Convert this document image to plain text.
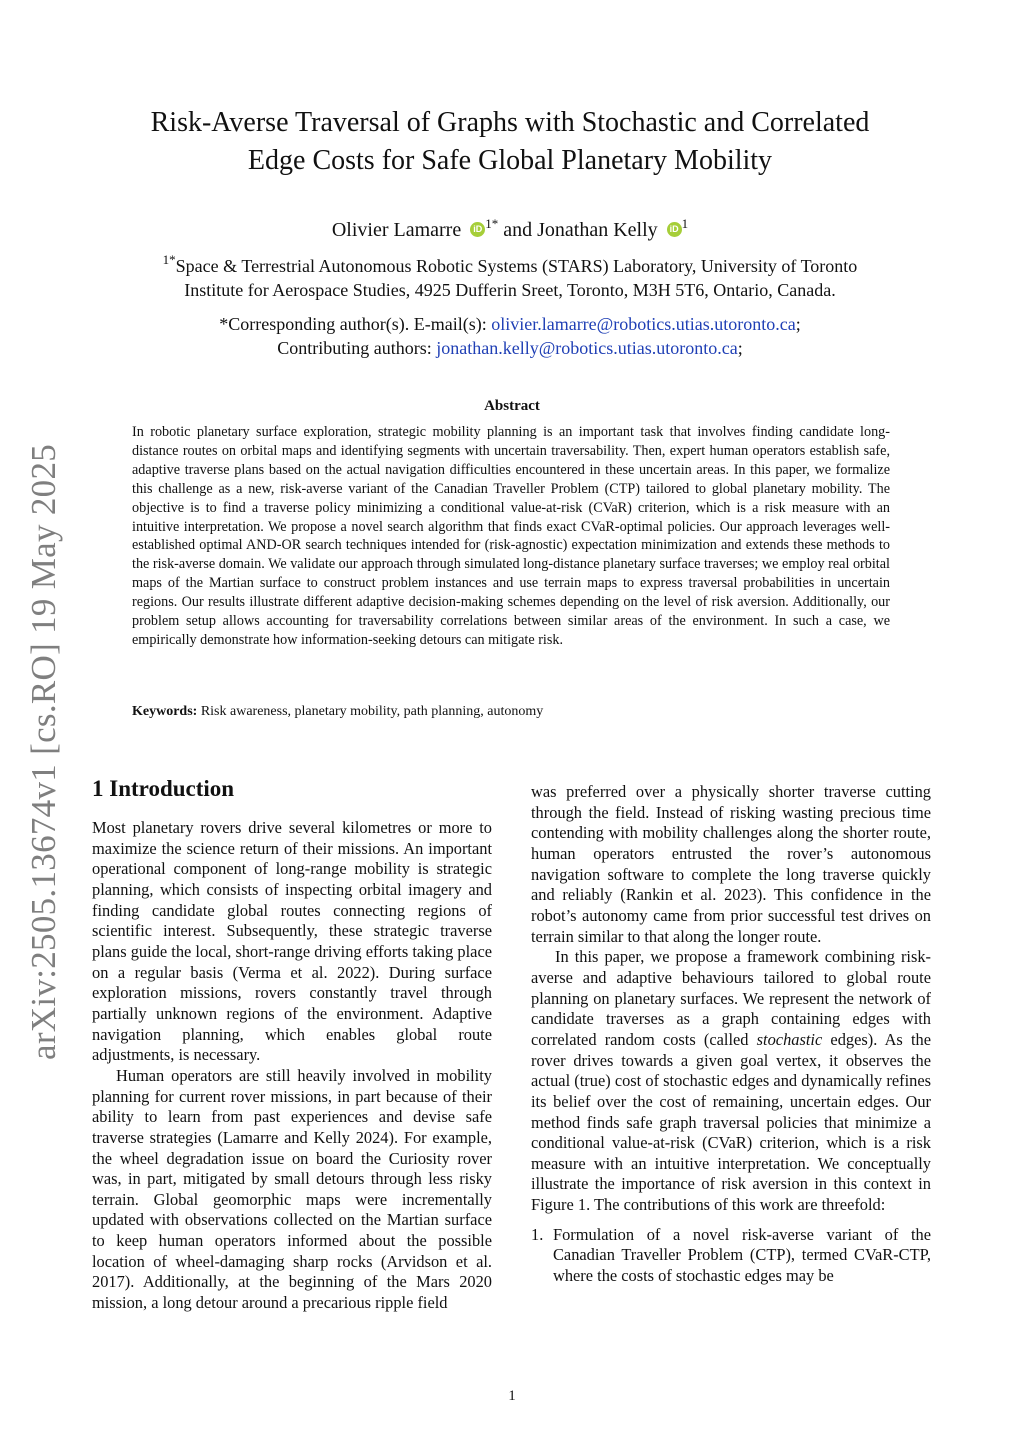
arXiv:2505.13674v1 [cs.RO] 19 May 2025
Risk-Averse Traversal of Graphs with Stochastic and Correlated
Edge Costs for Safe Global Planetary Mobility
Olivier Lamarre iD $^{1*}$ and Jonathan Kelly iD $^1$
$^{1*}$Space & Terrestrial Autonomous Robotic Systems (STARS) Laboratory, University of Toronto
Institute for Aerospace Studies, 4925 Dufferin Sreet, Toronto, M3H 5T6, Ontario, Canada.
*Corresponding author(s). E-mail(s): olivier.lamarre@robotics.utias.utoronto.ca;
Contributing authors: jonathan.kelly@robotics.utias.utoronto.ca;
Abstract
In robotic planetary surface exploration, strategic mobility planning is an important task that involves finding candidate long-distance routes on orbital maps and identifying segments with uncertain traversability. Then, expert human operators establish safe, adaptive traverse plans based on the actual navigation difficulties encountered in these uncertain areas. In this paper, we formalize this challenge as a new, risk-averse variant of the Canadian Traveller Problem (CTP) tailored to global planetary mobility. The objective is to find a traverse policy minimizing a conditional value-at-risk (CVaR) criterion, which is a risk measure with an intuitive interpretation. We propose a novel search algorithm that finds exact CVaR-optimal policies. Our approach leverages well-established optimal AND-OR search techniques intended for (risk-agnostic) expectation minimization and extends these methods to the risk-averse domain. We validate our approach through simulated long-distance planetary surface traverses; we employ real orbital maps of the Martian surface to construct problem instances and use terrain maps to express traversal probabilities in uncertain regions. Our results illustrate different adaptive decision-making schemes depending on the level of risk aversion. Additionally, our problem setup allows accounting for traversability correlations between similar areas of the environment. In such a case, we empirically demonstrate how information-seeking detours can mitigate risk.
Keywords: Risk awareness, planetary mobility, path planning, autonomy
1 Introduction

Most planetary rovers drive several kilometres or more to maximize the science return of their missions. An important operational component of long-range mobility is strategic planning, which consists of inspecting orbital imagery and finding candidate global routes connecting regions of scientific interest. Subsequently, these strategic traverse plans guide the local, short-range driving efforts taking place on a regular basis (Verma et al. 2022). During surface exploration missions, rovers constantly travel through partially unknown regions of the environment. Adaptive navigation planning, which enables global route adjustments, is necessary.

Human operators are still heavily involved in mobility planning for current rover missions, in part because of their ability to learn from past experiences and devise safe traverse strategies (Lamarre and Kelly 2024). For example, the wheel degradation issue on board the Curiosity rover was, in part, mitigated by small detours through less risky terrain. Global geomorphic maps were incrementally updated with observations collected on the Martian surface to keep human operators informed about the possible location of wheel-damaging sharp rocks (Arvidson et al. 2017). Additionally, at the beginning of the Mars 2020 mission, a long detour around a precarious ripple field

was preferred over a physically shorter traverse cutting through the field. Instead of risking wasting precious time contending with mobility challenges along the shorter route, human operators entrusted the rover’s autonomous navigation software to complete the long traverse quickly and reliably (Rankin et al. 2023). This confidence in the robot’s autonomy came from prior successful test drives on terrain similar to that along the longer route.

In this paper, we propose a framework combining risk-averse and adaptive behaviours tailored to global route planning on planetary surfaces. We represent the network of candidate traverses as a graph containing edges with correlated random costs (called stochastic edges). As the rover drives towards a given goal vertex, it observes the actual (true) cost of stochastic edges and dynamically refines its belief over the cost of remaining, uncertain edges. Our method finds safe graph traversal policies that minimize a conditional value-at-risk (CVaR) criterion, which is a risk measure with an intuitive interpretation. We conceptually illustrate the importance of risk aversion in this context in Figure 1. The contributions of this work are threefold:

1. Formulation of a novel risk-averse variant of the Canadian Traveller Problem (CTP), termed CVaR-CTP, where the costs of stochastic edges may be

1
